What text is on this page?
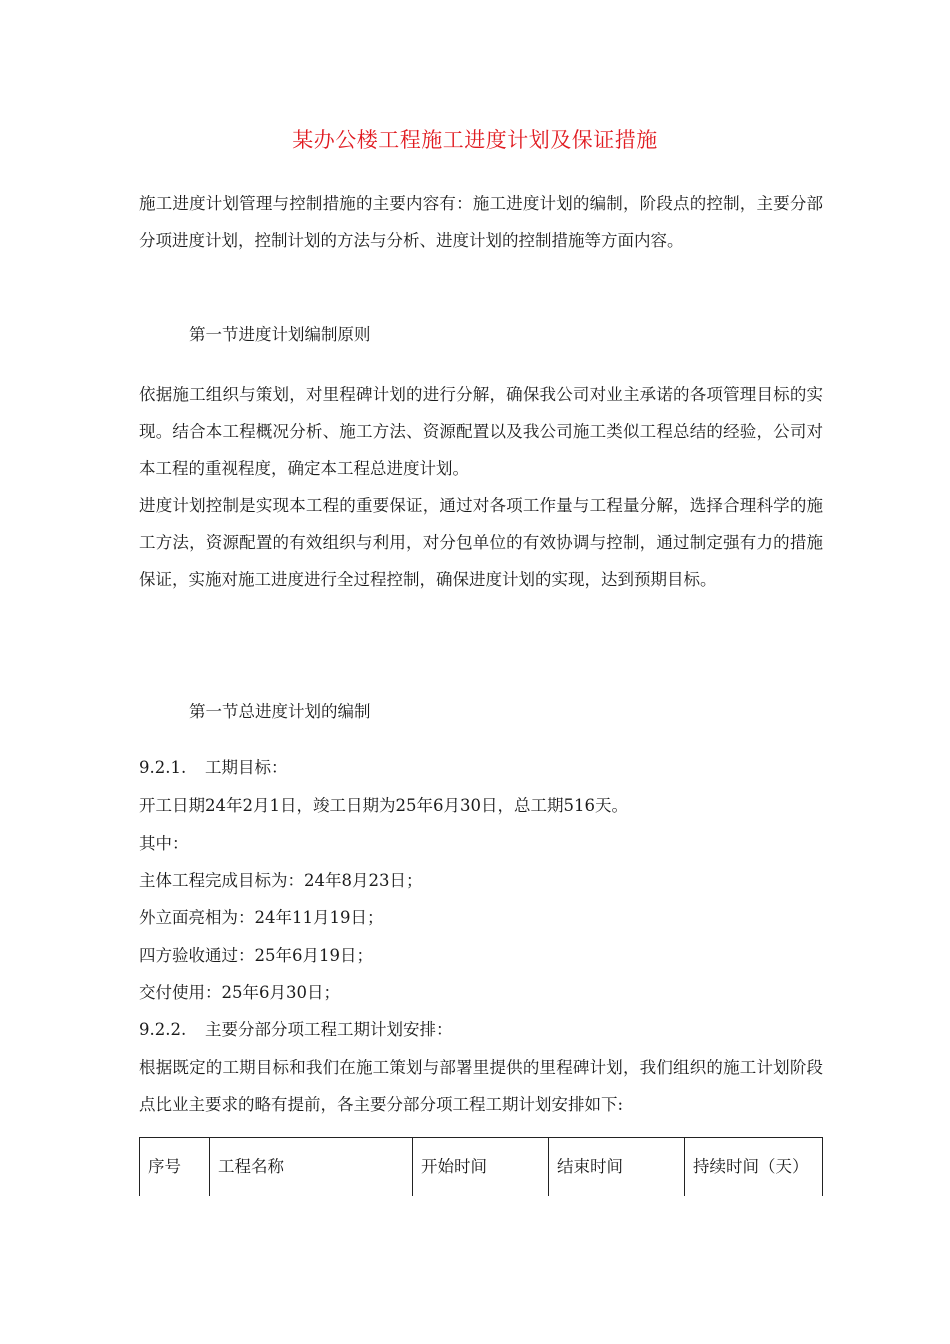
某办公楼工程施工进度计划及保证措施
施工进度计划管理与控制措施的主要内容有：施工进度计划的编制，阶段点的控制，主要分部分项进度计划，控制计划的方法与分析、进度计划的控制措施等方面内容。
第一节进度计划编制原则
依据施工组织与策划，对里程碑计划的进行分解，确保我公司对业主承诺的各项管理目标的实现。结合本工程概况分析、施工方法、资源配置以及我公司施工类似工程总结的经验，公司对本工程的重视程度，确定本工程总进度计划。
进度计划控制是实现本工程的重要保证，通过对各项工作量与工程量分解，选择合理科学的施工方法，资源配置的有效组织与利用，对分包单位的有效协调与控制，通过制定强有力的措施保证，实施对施工进度进行全过程控制，确保进度计划的实现，达到预期目标。
第一节总进度计划的编制
9.2.1. 工期目标：
开工日期24年2月1日，竣工日期为25年6月30日，总工期516天。
其中：
主体工程完成目标为：24年8月23日；
外立面亮相为：24年11月19日；
四方验收通过：25年6月19日；
交付使用：25年6月30日；
9.2.2. 主要分部分项工程工期计划安排：
根据既定的工期目标和我们在施工策划与部署里提供的里程碑计划，我们组织的施工计划阶段点比业主要求的略有提前，各主要分部分项工程工期计划安排如下:
序号	工程名称	开始时间	结束时间	持续时间（天）
